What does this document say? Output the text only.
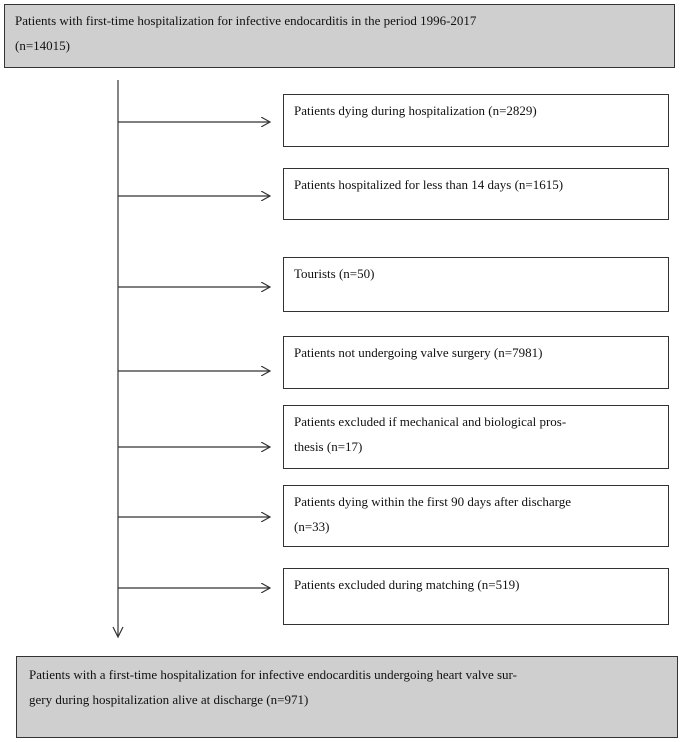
Patients with first-time hospitalization for infective endocarditis in the period 1996-2017
(n=14015)
Patients dying during hospitalization (n=2829)
Patients hospitalized for less than 14 days (n=1615)
Tourists (n=50)
Patients not undergoing valve surgery (n=7981)
Patients excluded if mechanical and biological pros-
thesis (n=17)
Patients dying within the first 90 days after discharge
(n=33)
Patients excluded during matching (n=519)
Patients with a first-time hospitalization for infective endocarditis undergoing heart valve sur-
gery during hospitalization alive at discharge (n=971)
